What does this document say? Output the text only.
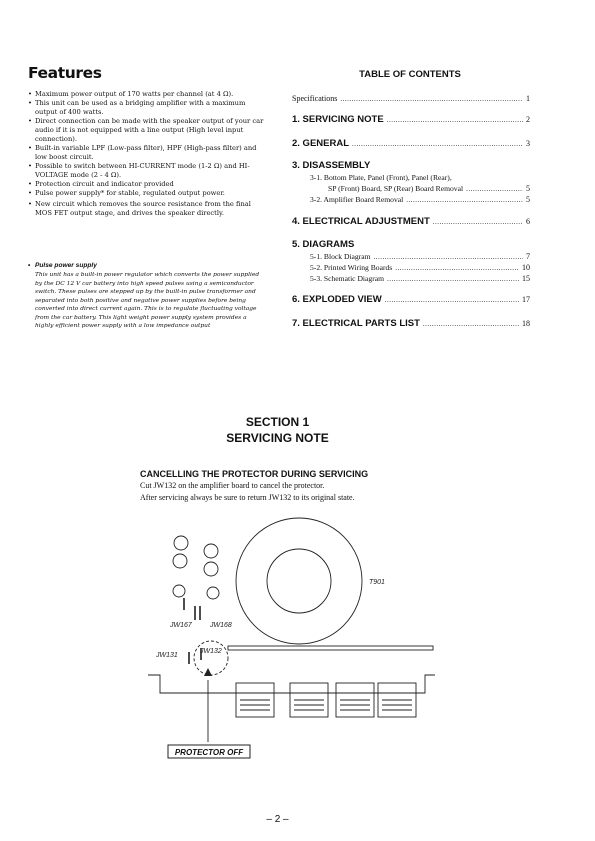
Features
• Maximum power output of 170 watts per channel (at 4 Ω).
• This unit can be used as a bridging amplifier with a maximum output of 400 watts.
• Direct connection can be made with the speaker output of your car audio if it is not equipped with a line output (High level input connection).
• Built-in variable LPF (Low-pass filter), HPF (High-pass filter) and low boost circuit.
• Possible to switch between HI-CURRENT mode (1-2 Ω) and HI-VOLTAGE mode (2 - 4 Ω).
• Protection circuit and indicator provided
• Pulse power supply* for stable, regulated output power.
• New circuit which removes the source resistance from the final MOS FET output stage, and drives the speaker directly.
• Pulse power supply
This unit has a built-in power regulator which converts the power supplied by the DC 12 V car battery into high speed pulses using a semiconductor switch. These pulses are stepped up by the built-in pulse transformer and separated into both positive and negative power supplies before being converted into direct current again. This is to regulate fluctuating voltage from the car battery. This light weight power supply system provides a highly efficient power supply with a low impedance output
TABLE OF CONTENTS
Specifications .....	1
1. SERVICING NOTE .....	2
2. GENERAL .....	3
3. DISASSEMBLY
3-1. Bottom Plate, Panel (Front), Panel (Rear),
SP (Front) Board, SP (Rear) Board Removal .....	5
3-2. Amplifier Board Removal .....	5
4. ELECTRICAL ADJUSTMENT .....	6
5. DIAGRAMS
5-1. Block Diagram .....	7
5-2. Printed Wiring Boards .....	10
5-3. Schematic Diagram .....	15
6. EXPLODED VIEW .....	17
7. ELECTRICAL PARTS LIST .....	18
SECTION 1
SERVICING NOTE
CANCELLING THE PROTECTOR DURING SERVICING
Cut JW132 on the amplifier board to cancel the protector.
After servicing always be sure to return JW132 to its original state.
T901
JW167	JW168
JW131
JW132
PROTECTOR OFF
– 2 –
